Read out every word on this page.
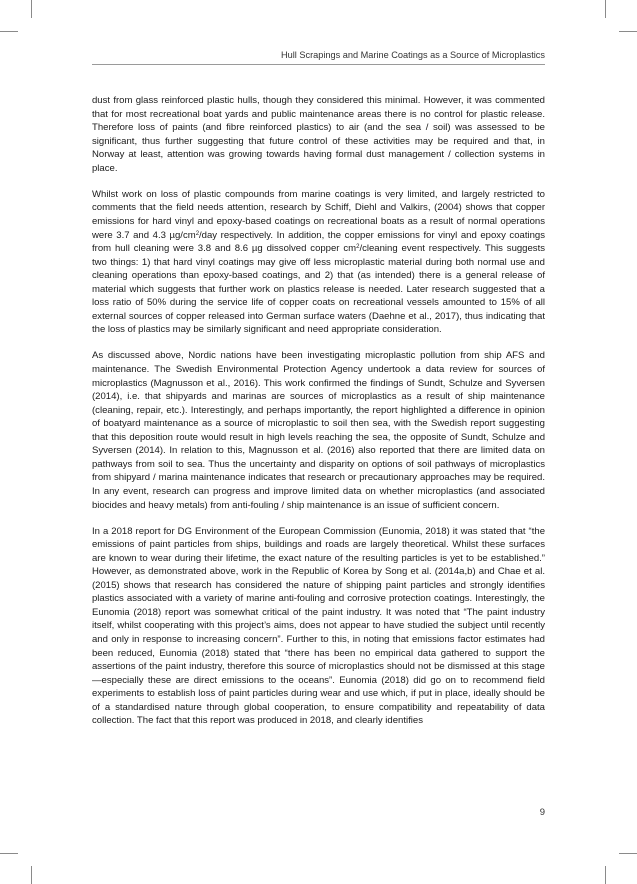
Hull Scrapings and Marine Coatings as a Source of Microplastics

dust from glass reinforced plastic hulls, though they considered this minimal. However, it was commented that for most recreational boat yards and public maintenance areas there is no control for plastic release. Therefore loss of paints (and fibre reinforced plastics) to air (and the sea / soil) was assessed to be significant, thus further suggesting that future control of these activities may be required and that, in Norway at least, attention was growing towards having formal dust management / collection systems in place.

Whilst work on loss of plastic compounds from marine coatings is very limited, and largely restricted to comments that the field needs attention, research by Schiff, Diehl and Valkirs, (2004) shows that copper emissions for hard vinyl and epoxy-based coatings on recreational boats as a result of normal operations were 3.7 and 4.3 $\mu g/cm^2$/day respectively. In addition, the copper emissions for vinyl and epoxy coatings from hull cleaning were 3.8 and 8.6 µg dissolved copper $cm^2$/cleaning event respectively. This suggests two things: 1) that hard vinyl coatings may give off less microplastic material during both normal use and cleaning operations than epoxy-based coatings, and 2) that (as intended) there is a general release of material which suggests that further work on plastics release is needed. Later research suggested that a loss ratio of 50% during the service life of copper coats on recreational vessels amounted to 15% of all external sources of copper released into German surface waters (Daehne et al., 2017), thus indicating that the loss of plastics may be similarly significant and need appropriate consideration.

As discussed above, Nordic nations have been investigating microplastic pollution from ship AFS and maintenance. The Swedish Environmental Protection Agency undertook a data review for sources of microplastics (Magnusson et al., 2016). This work confirmed the findings of Sundt, Schulze and Syversen (2014), i.e. that shipyards and marinas are sources of microplastics as a result of ship maintenance (cleaning, repair, etc.). Interestingly, and perhaps importantly, the report highlighted a difference in opinion of boatyard maintenance as a source of microplastic to soil then sea, with the Swedish report suggesting that this deposition route would result in high levels reaching the sea, the opposite of Sundt, Schulze and Syversen (2014). In relation to this, Magnusson et al. (2016) also reported that there are limited data on pathways from soil to sea. Thus the uncertainty and disparity on options of soil pathways of microplastics from shipyard / marina maintenance indicates that research or precautionary approaches may be required. In any event, research can progress and improve limited data on whether microplastics (and associated biocides and heavy metals) from anti-fouling / ship maintenance is an issue of sufficient concern.

In a 2018 report for DG Environment of the European Commission (Eunomia, 2018) it was stated that “the emissions of paint particles from ships, buildings and roads are largely theoretical. Whilst these surfaces are known to wear during their lifetime, the exact nature of the resulting particles is yet to be established.” However, as demonstrated above, work in the Republic of Korea by Song et al. (2014a,b) and Chae et al. (2015) shows that research has considered the nature of shipping paint particles and strongly identifies plastics associated with a variety of marine anti-fouling and corrosive protection coatings. Interestingly, the Eunomia (2018) report was somewhat critical of the paint industry. It was noted that “The paint industry itself, whilst cooperating with this project’s aims, does not appear to have studied the subject until recently and only in response to increasing concern”. Further to this, in noting that emissions factor estimates had been reduced, Eunomia (2018) stated that “there has been no empirical data gathered to support the assertions of the paint industry, therefore this source of microplastics should not be dismissed at this stage—especially these are direct emissions to the oceans”. Eunomia (2018) did go on to recommend field experiments to establish loss of paint particles during wear and use which, if put in place, ideally should be of a standardised nature through global cooperation, to ensure compatibility and repeatability of data collection. The fact that this report was produced in 2018, and clearly identifies

9
